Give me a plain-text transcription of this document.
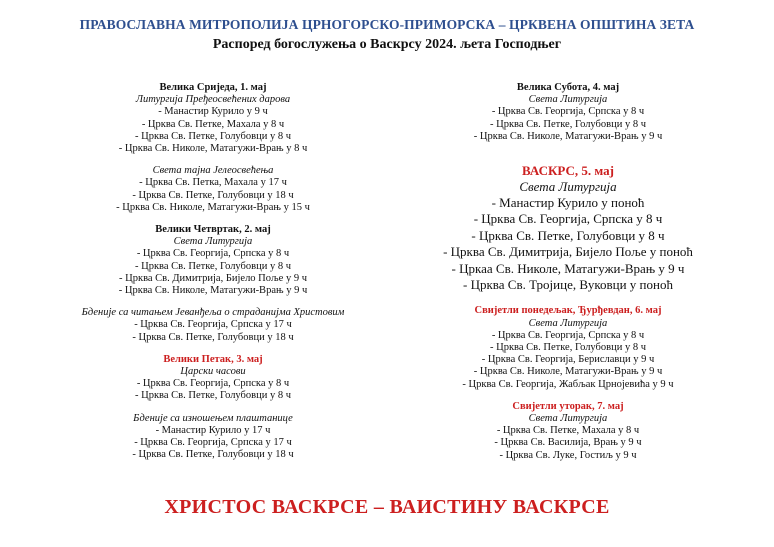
ПРАВОСЛАВНА МИТРОПОЛИЈА ЦРНОГОРСКО-ПРИМОРСКА – ЦРКВЕНА ОПШТИНА ЗЕТА
Распоред богослужења о Васкрсу 2024. љета Господњег
Велика Сриједа, 1. мај
Литургија Пређеосвећених дарова
- Манастир Курило у 9 ч
- Црква Св. Петке, Махала у 8 ч
- Црква Св. Петке, Голубовци у 8 ч
- Црква Св. Николе, Матагужи-Врањ у 8 ч
Света тајна Јелеосвећења
- Црква Св. Петка, Махала у 17 ч
- Црква Св. Петке, Голубовци у 18 ч
- Црква Св. Николе, Матагужи-Врањ у 15 ч
Велики Четвртак, 2. мај
Света Литургија
- Црква Св. Георгија, Српска у 8 ч
- Црква Св. Петке, Голубовци у 8 ч
- Црква Св. Димитрија, Бијело Поље у 9 ч
- Црква Св. Николе, Матагужи-Врањ у 9 ч
Бденије са читањем Јеванђеља о страданијма Христовим
- Црква Св. Георгија, Српска у 17 ч
- Црква Св. Петке, Голубовци у 18 ч
Велики Петак, 3. мај
Царски часови
- Црква Св. Георгија, Српска у 8 ч
- Црква Св. Петке, Голубовци у 8 ч
Бденије са изношењем плаштанице
- Манастир Курило у 17 ч
- Црква Св. Георгија, Српска у 17 ч
- Црква Св. Петке, Голубовци у 18 ч
Велика Субота, 4. мај
Света Литургија
- Црква Св. Георгија, Српска у 8 ч
- Црква Св. Петке, Голубовци у 8 ч
- Црква Св. Николе, Матагужи-Врањ у 9 ч
ВАСКРС, 5. мај
Света Литургија
- Манастир Курило у поноћ
- Црква Св. Георгија, Српска у 8 ч
- Црква Св. Петке, Голубовци у 8 ч
- Црква Св. Димитрија, Бијело Поље у поноћ
- Цркаа Св. Николе, Матагужи-Врањ у 9 ч
- Црква Св. Тројице, Вуковци у поноћ
Свијетли понедељак, Ђурђевдан, 6. мај
Света Литургија
- Црква Св. Георгија, Српска у 8 ч
- Црква Св. Петке, Голубовци у 8 ч
- Црква Св. Георгија, Бериславци у 9 ч
- Црква Св. Николе, Матагужи-Врањ у 9 ч
- Црква Св. Георгија, Жабљак Црнојевића у 9 ч
Свијетли уторак, 7. мај
Света Литургија
- Црква Св. Петке, Махала у 8 ч
- Црква Св. Василија, Врањ у 9 ч
- Црква Св. Луке, Гостиљ у 9 ч
ХРИСТОС ВАСКРСЕ – ВАИСТИНУ ВАСКРСЕ
